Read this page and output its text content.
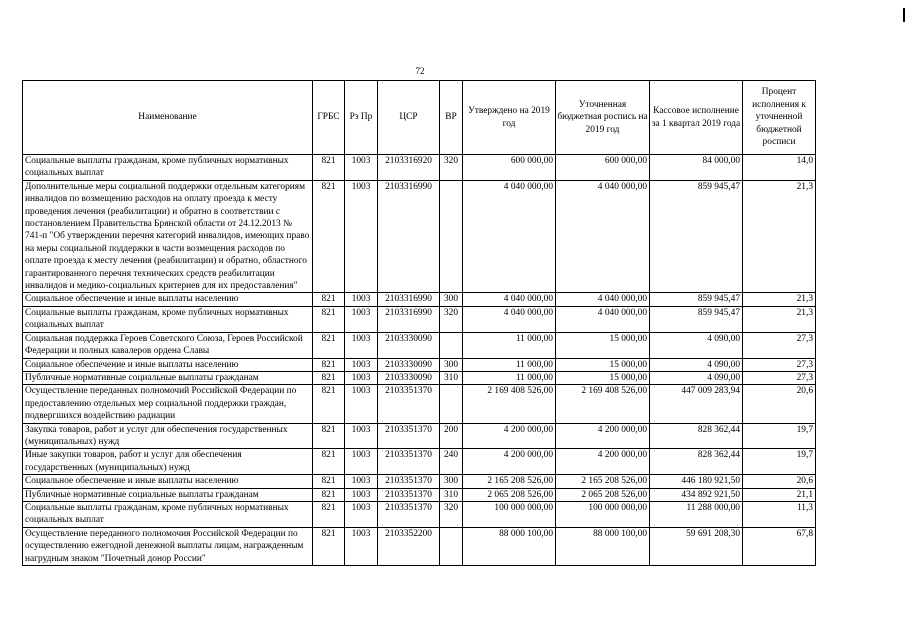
72
Наименование	ГРБС	Рз Пр	ЦСР	ВР	Утверждено на 2019 год	Уточненная бюджетная роспись на 2019 год	Кассовое исполнение за 1 квартал 2019 года	Процент исполнения к уточненной бюджетной росписи
Социальные выплаты гражданам, кроме публичных нормативных социальных выплат	821	1003	2103316920	320	600 000,00	600 000,00	84 000,00	14,0
Дополнительные меры социальной поддержки отдельным категориям инвалидов по возмещению расходов на оплату проезда к месту проведения лечения (реабилитации) и обратно в соответствии с постановлением Правительства Брянской области от 24.12.2013 № 741-п "Об утверждении перечня категорий инвалидов, имеющих право на меры социальной поддержки в части возмещения расходов по оплате проезда к месту лечения (реабилитации) и обратно, областного гарантированного перечня технических средств реабилитации инвалидов и медико-социальных критериев для их предоставления"	821	1003	2103316990		4 040 000,00	4 040 000,00	859 945,47	21,3
Социальное обеспечение и иные выплаты населению	821	1003	2103316990	300	4 040 000,00	4 040 000,00	859 945,47	21,3
Социальные выплаты гражданам, кроме публичных нормативных социальных выплат	821	1003	2103316990	320	4 040 000,00	4 040 000,00	859 945,47	21,3
Социальная поддержка Героев Советского Союза, Героев Российской Федерации и полных кавалеров ордена Славы	821	1003	2103330090		11 000,00	15 000,00	4 090,00	27,3
Социальное обеспечение и иные выплаты населению	821	1003	2103330090	300	11 000,00	15 000,00	4 090,00	27,3
Публичные нормативные социальные выплаты гражданам	821	1003	2103330090	310	11 000,00	15 000,00	4 090,00	27,3
Осуществление переданных полномочий Российской Федерации по предоставлению отдельных мер социальной поддержки граждан, подвергшихся воздействию радиации	821	1003	2103351370		2 169 408 526,00	2 169 408 526,00	447 009 283,94	20,6
Закупка товаров, работ и услуг для обеспечения государственных (муниципальных) нужд	821	1003	2103351370	200	4 200 000,00	4 200 000,00	828 362,44	19,7
Иные закупки товаров, работ и услуг для обеспечения государственных (муниципальных) нужд	821	1003	2103351370	240	4 200 000,00	4 200 000,00	828 362,44	19,7
Социальное обеспечение и иные выплаты населению	821	1003	2103351370	300	2 165 208 526,00	2 165 208 526,00	446 180 921,50	20,6
Публичные нормативные социальные выплаты гражданам	821	1003	2103351370	310	2 065 208 526,00	2 065 208 526,00	434 892 921,50	21,1
Социальные выплаты гражданам, кроме публичных нормативных социальных выплат	821	1003	2103351370	320	100 000 000,00	100 000 000,00	11 288 000,00	11,3
Осуществление переданного полномочия Российской Федерации по осуществлению ежегодной денежной выплаты лицам, награжденным нагрудным знаком "Почетный донор России"	821	1003	2103352200		88 000 100,00	88 000 100,00	59 691 208,30	67,8
